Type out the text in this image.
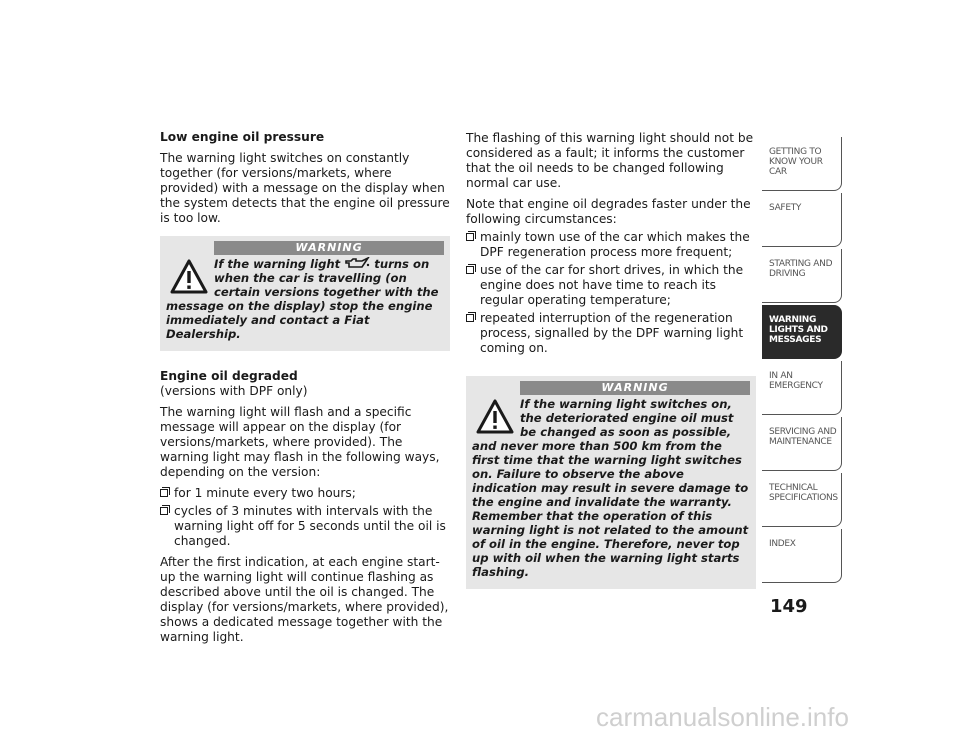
Low engine oil pressure

The warning light switches on constantly together (for versions/markets, where provided) with a message on the display when the system detects that the engine oil pressure is too low.

WARNING
If the warning light  turns on when the car is travelling (on certain versions together with the message on the display) stop the engine immediately and contact a Fiat Dealership.

Engine oil degraded

(versions with DPF only)

The warning light will flash and a specific message will appear on the display (for versions/markets, where provided). The warning light may flash in the following ways, depending on the version:

for 1 minute every two hours;
cycles of 3 minutes with intervals with the warning light off for 5 seconds until the oil is changed.

After the first indication, at each engine start-up the warning light will continue flashing as described above until the oil is changed. The display (for versions/markets, where provided), shows a dedicated message together with the warning light.

The flashing of this warning light should not be considered as a fault; it informs the customer that the oil needs to be changed following normal car use.

Note that engine oil degrades faster under the following circumstances:

mainly town use of the car which makes the DPF regeneration process more frequent;
use of the car for short drives, in which the engine does not have time to reach its regular operating temperature;
repeated interruption of the regeneration process, signalled by the DPF warning light coming on.
WARNING
If the warning light switches on, the deteriorated engine oil must be changed as soon as possible, and never more than 500 km from the first time that the warning light switches on. Failure to observe the above indication may result in severe damage to the engine and invalidate the warranty. Remember that the operation of this warning light is not related to the amount of oil in the engine. Therefore, never top up with oil when the warning light starts flashing.
GETTING TO KNOW YOUR CAR
SAFETY
STARTING AND DRIVING
WARNING LIGHTS AND MESSAGES
IN AN EMERGENCY
SERVICING AND MAINTENANCE
TECHNICAL SPECIFICATIONS
INDEX
149
carmanualsonline.info
